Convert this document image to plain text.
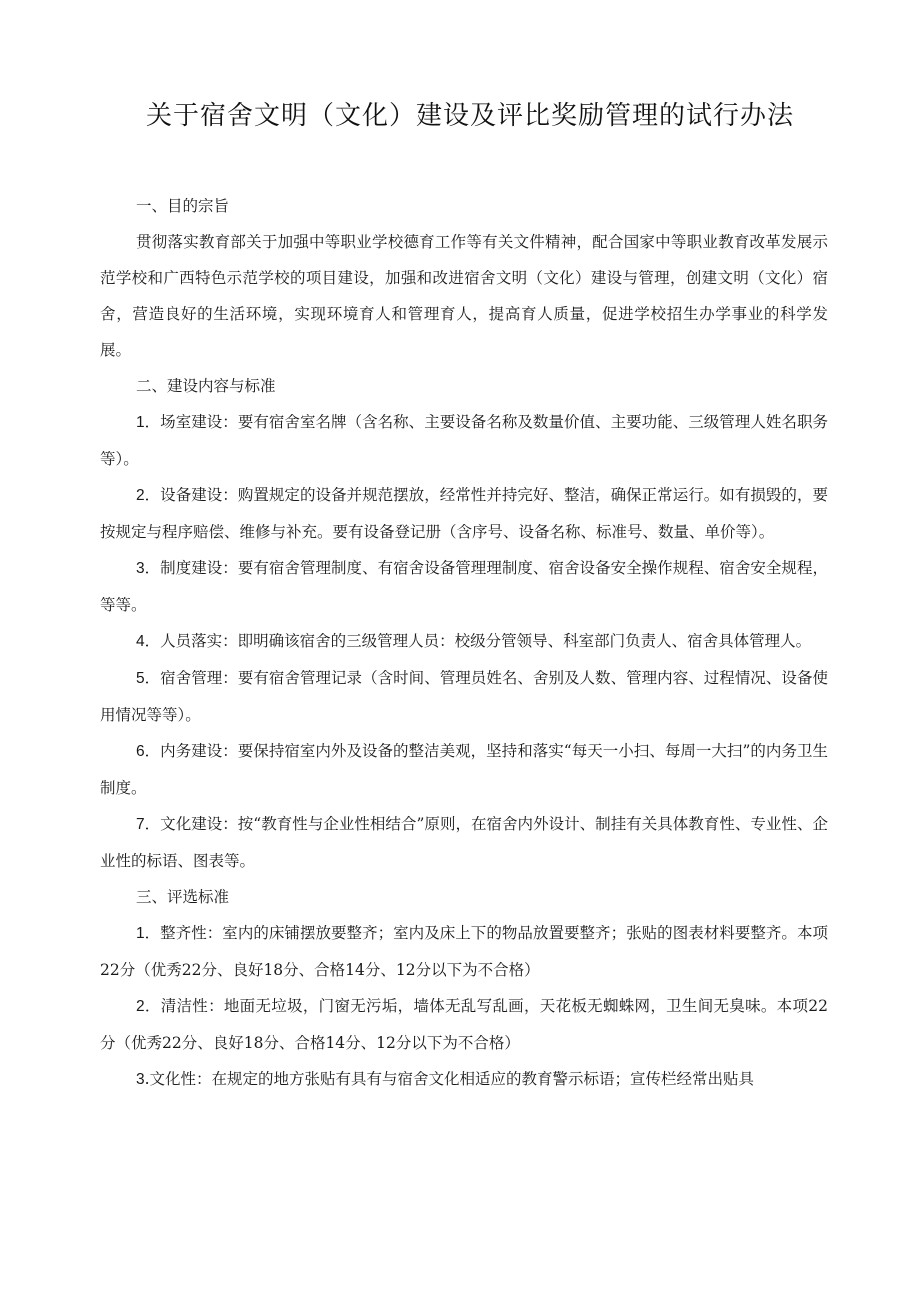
关于宿舍文明（文化）建设及评比奖励管理的试行办法

一、目的宗旨

贯彻落实教育部关于加强中等职业学校德育工作等有关文件精神，配合国家中等职业教育改革发展示范学校和广西特色示范学校的项目建设，加强和改进宿舍文明（文化）建设与管理，创建文明（文化）宿舍，营造良好的生活环境，实现环境育人和管理育人，提高育人质量，促进学校招生办学事业的科学发展。

二、建设内容与标准

1．场室建设：要有宿舍室名牌（含名称、主要设备名称及数量价值、主要功能、三级管理人姓名职务等）。

2．设备建设：购置规定的设备并规范摆放，经常性并持完好、整洁，确保正常运行。如有损毁的，要按规定与程序赔偿、维修与补充。要有设备登记册（含序号、设备名称、标准号、数量、单价等）。

3．制度建设：要有宿舍管理制度、有宿舍设备管理理制度、宿舍设备安全操作规程、宿舍安全规程，等等。

4．人员落实：即明确该宿舍的三级管理人员：校级分管领导、科室部门负责人、宿舍具体管理人。

5．宿舍管理：要有宿舍管理记录（含时间、管理员姓名、舍别及人数、管理内容、过程情况、设备使用情况等等）。

6．内务建设：要保持宿室内外及设备的整洁美观，坚持和落实“每天一小扫、每周一大扫”的内务卫生制度。

7．文化建设：按“教育性与企业性相结合”原则，在宿舍内外设计、制挂有关具体教育性、专业性、企业性的标语、图表等。

三、评选标准

1．整齐性：室内的床铺摆放要整齐；室内及床上下的物品放置要整齐；张贴的图表材料要整齐。本项22分（优秀22分、良好18分、合格14分、12分以下为不合格）

2．清洁性：地面无垃圾，门窗无污垢，墙体无乱写乱画，天花板无蜘蛛网，卫生间无臭味。本项22分（优秀22分、良好18分、合格14分、12分以下为不合格）

3.文化性：在规定的地方张贴有具有与宿舍文化相适应的教育警示标语；宣传栏经常出贴具
